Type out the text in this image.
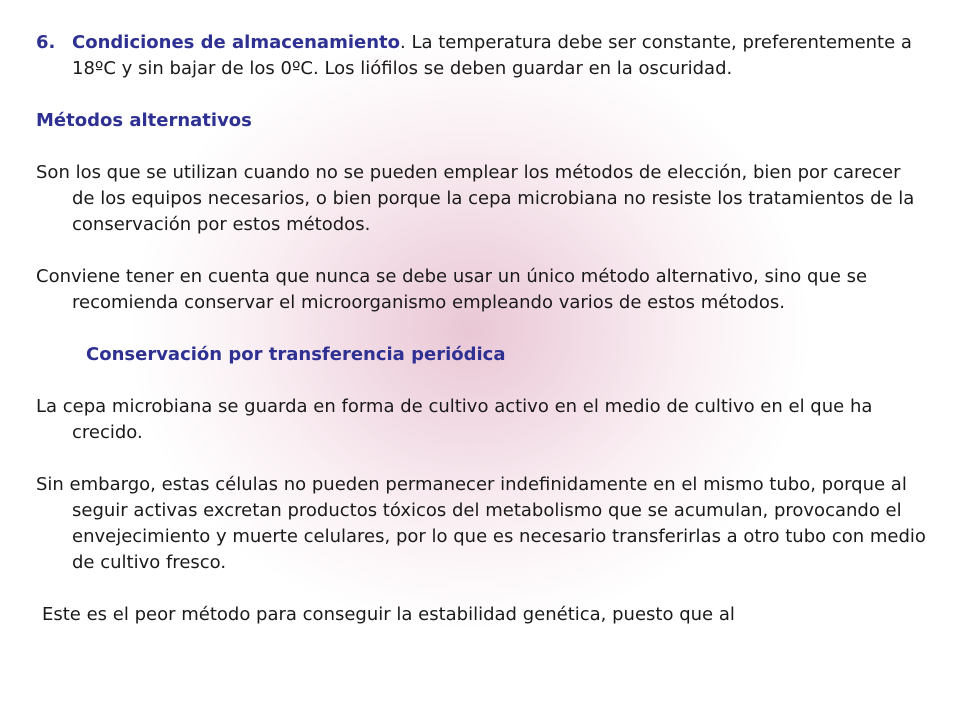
6. Condiciones de almacenamiento. La temperatura debe ser constante, preferentemente a 18ºC y sin bajar de los 0ºC. Los liófilos se deben guardar en la oscuridad.

Métodos alternativos

Son los que se utilizan cuando no se pueden emplear los métodos de elección, bien por carecer de los equipos necesarios, o bien porque la cepa microbiana no resiste los tratamientos de la conservación por estos métodos.

Conviene tener en cuenta que nunca se debe usar un único método alternativo, sino que se recomienda conservar el microorganismo empleando varios de estos métodos.

Conservación por transferencia periódica

La cepa microbiana se guarda en forma de cultivo activo en el medio de cultivo en el que ha crecido.

Sin embargo, estas células no pueden permanecer indefinidamente en el mismo tubo, porque al seguir activas excretan productos tóxicos del metabolismo que se acumulan, provocando el envejecimiento y muerte celulares, por lo que es necesario transferirlas a otro tubo con medio de cultivo fresco.

Este es el peor método para conseguir la estabilidad genética, puesto que al
